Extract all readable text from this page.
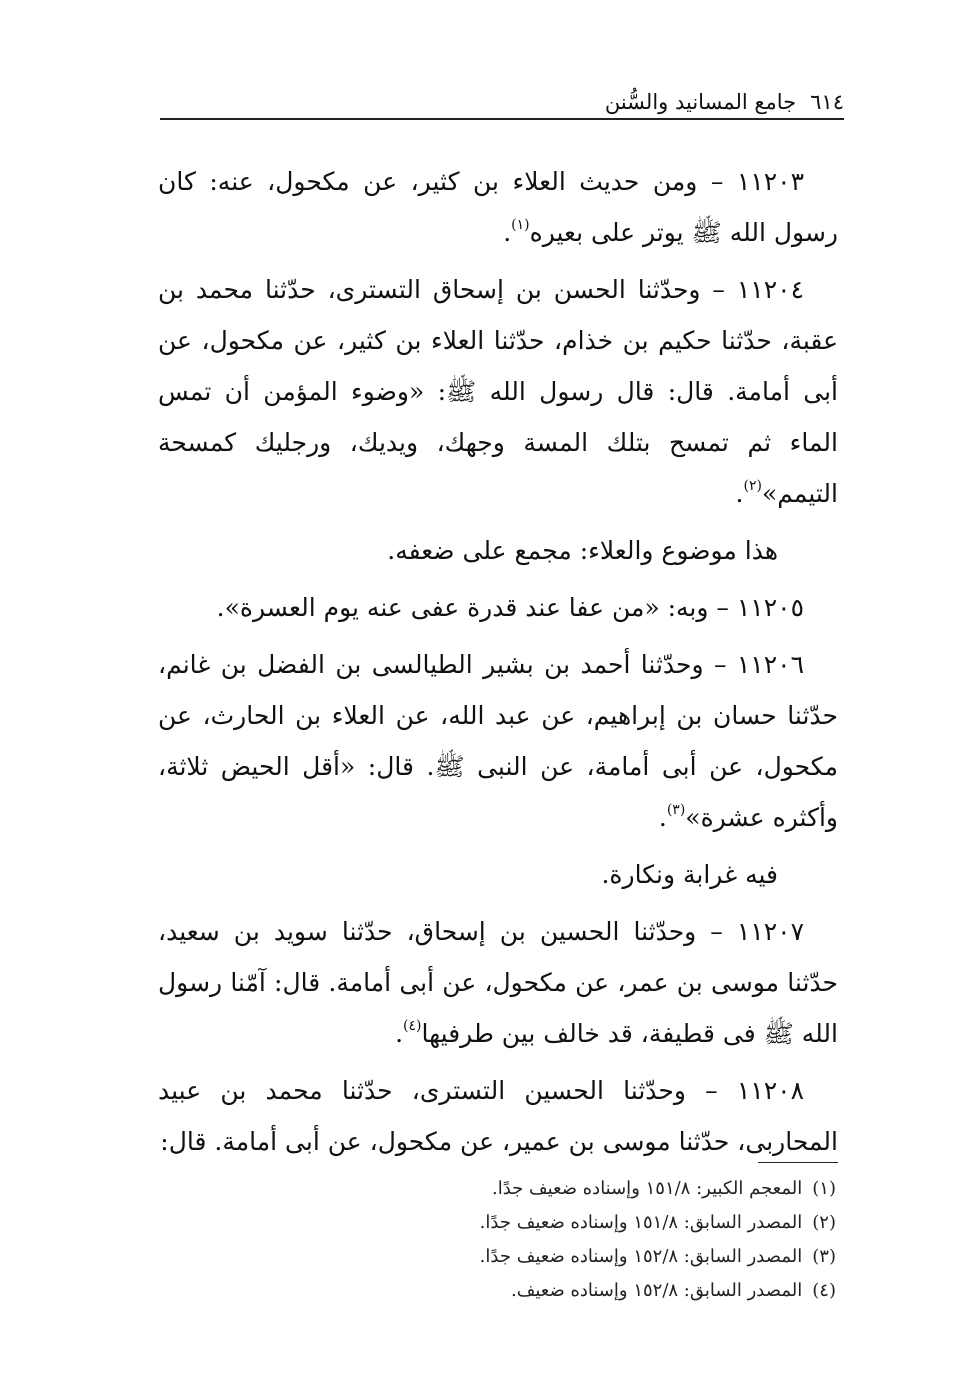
٦١٤
جامع المسانيد والسُّنن

١١٢٠٣ – ومن حديث العلاء بن كثير، عن مكحول، عنه: كان رسول الله ﷺ يوتر على بعيره$^{(١)}$.

١١٢٠٤ – وحدّثنا الحسن بن إسحاق التسترى، حدّثنا محمد بن عقبة، حدّثنا حكيم بن خذام، حدّثنا العلاء بن كثير، عن مكحول، عن أبى أمامة. قال: قال رسول الله ﷺ: «وضوء المؤمن أن تمس الماء ثم تمسح بتلك المسة وجهك، ويديك، ورجليك كمسحة التيمم»$^{(٢)}$.

هذا موضوع والعلاء: مجمع على ضعفه.

١١٢٠٥ – وبه: «من عفا عند قدرة عفى عنه يوم العسرة».

١١٢٠٦ – وحدّثنا أحمد بن بشير الطيالسى بن الفضل بن غانم، حدّثنا حسان بن إبراهيم، عن عبد الله، عن العلاء بن الحارث، عن مكحول، عن أبى أمامة، عن النبى ﷺ. قال: «أقل الحيض ثلاثة، وأكثره عشرة»$^{(٣)}$.

فيه غرابة ونكارة.

١١٢٠٧ – وحدّثنا الحسين بن إسحاق، حدّثنا سويد بن سعيد، حدّثنا موسى بن عمر، عن مكحول، عن أبى أمامة. قال: آمّنا رسول الله ﷺ فى قطيفة، قد خالف بين طرفيها$^{(٤)}$.

١١٢٠٨ – وحدّثنا الحسين التسترى، حدّثنا محمد بن عبيد المحاربى، حدّثنا موسى بن عمير، عن مكحول، عن أبى أمامة. قال:

(١)
المعجم الكبير: ١٥١/٨ وإسناده ضعيف جدًا.
(٢)
المصدر السابق: ١٥١/٨ وإسناده ضعيف جدًا.
(٣)
المصدر السابق: ١٥٢/٨ وإسناده ضعيف جدًا.
(٤)
المصدر السابق: ١٥٢/٨ وإسناده ضعيف.
